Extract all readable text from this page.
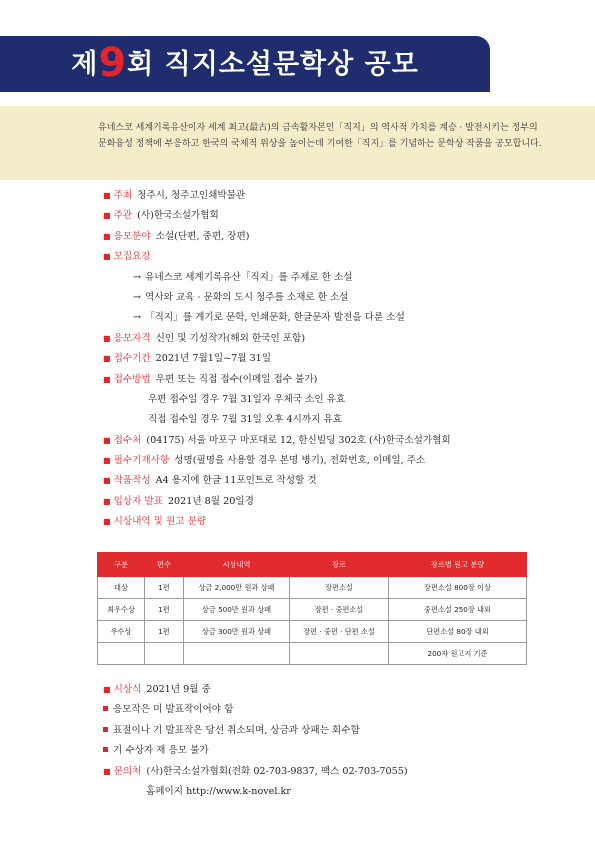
제9회 직지소설문학상 공모
유네스코 세계기록유산이자 세계 최고(最古)의 금속활자본인「직지」의 역사적 가치를 계승 · 발전시키는 정부의 문화융성 정책에 부응하고 한국의 국제적 위상을 높이는데 기여한「직지」를 기념하는 문학상 작품을 공모합니다.
■ 주최 청주시, 청주고인쇄박물관
■ 주관 (사)한국소설가협회
■ 응모분야 소설(단편, 중편, 장편)
■ 모집요강
→ 유네스코 세계기록유산「직지」를 주제로 한 소설
→ 역사와 교육 · 문화의 도시 청주를 소재로 한 소설
→ 「직지」를 계기로 문학, 인쇄문화, 한글문자 발전을 다룬 소설
■ 응모자격 신인 및 기성작가(해외 한국인 포함)
■ 접수기간 2021년 7월1일~7월 31일
■ 접수방법 우편 또는 직접 접수(이메일 접수 불가)
우편 접수일 경우 7월 31일자 우체국 소인 유효
직접 접수일 경우 7월 31일 오후 4시까지 유효
■ 접수처 (04175) 서울 마포구 마포대로 12, 한신빌딩 302호 (사)한국소설가협회
■ 필수기재사항 성명(필명을 사용할 경우 본명 병기), 전화번호, 이메일, 주소
■ 작품작성 A4 용지에 한글 11포인트로 작성할 것
■ 입상자 발표 2021년 8월 20일경
■ 시상내역 및 원고 분량
구분	편수	시상내역	장르	장르별 원고 분량
대상	1편	상금 2,000만 원과 상패	장편소설	장편소설 800장 이상
최우수상	1편	상금 500만 원과 상패	장편 · 중편소설	중편소설 250장 내외
우수상	1편	상금 300만 원과 상패	장편 · 중편 · 단편 소설	단편소설 80장 내외
				200자 원고지 기준
■ 시상식 2021년 9월 중
응모작은 미 발표작이어야 함
표절이나 기 발표작은 당선 취소되며, 상금과 상패는 회수함
기 수상자 재 응모 불가
■ 문의처 (사)한국소설가협회(전화 02-703-9837, 팩스 02-703-7055)
홈페이지 http://www.k-novel.kr
